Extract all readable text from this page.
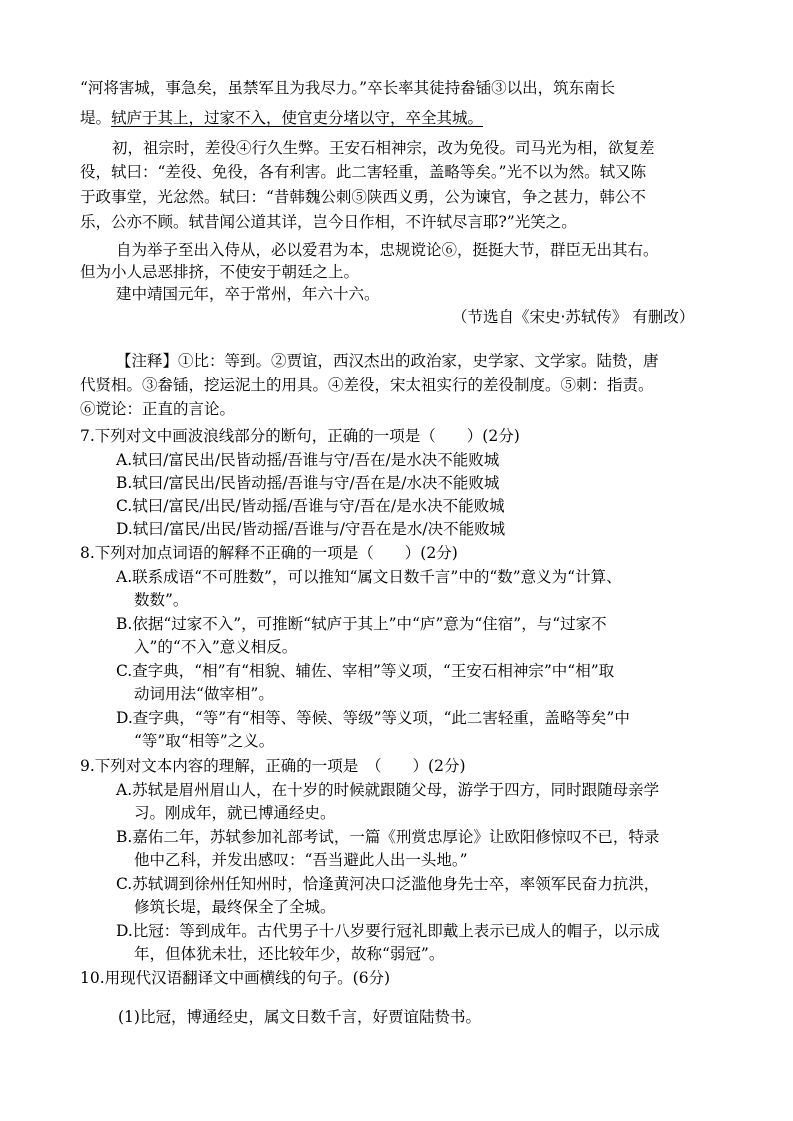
“河将害城，事急矣，虽禁军且为我尽力。”卒长率其徒持畚锸③以出，筑东南长
堤。轼庐于其上，过家不入，使官吏分堵以守，卒全其城。
初，祖宗时，差役④行久生弊。王安石相神宗，改为免役。司马光为相，欲复差
役，轼曰：“差役、免役，各有利害。此二害轻重，盖略等矣。”光不以为然。轼又陈
于政事堂，光忿然。轼曰：“昔韩魏公刺⑤陕西义勇，公为谏官，争之甚力，韩公不
乐，公亦不顾。轼昔闻公道其详，岂今日作相，不许轼尽言耶?”光笑之。
自为举子至出入侍从，必以爱君为本，忠规谠论⑥，挺挺大节，群臣无出其右。
但为小人忌恶排挤，不使安于朝廷之上。
建中靖国元年，卒于常州，年六十六。
（节选自《宋史·苏轼传》 有删改）
【注释】①比：等到。②贾谊，西汉杰出的政治家，史学家、文学家。陆贽，唐
代贤相。③畚锸，挖运泥土的用具。④差役，宋太祖实行的差役制度。⑤刺：指责。
⑥谠论：正直的言论。
7.下列对文中画波浪线部分的断句，正确的一项是（　　）(2分)
A.轼曰/富民出/民皆动摇/吾谁与守/吾在/是水决不能败城
B.轼曰/富民出/民皆动摇/吾谁与守/吾在是/水决不能败城
C.轼曰/富民/出民/皆动摇/吾谁与守/吾在/是水决不能败城
D.轼曰/富民/出民/皆动摇/吾谁与/守吾在是水/决不能败城
8.下列对加点词语的解释不正确的一项是（　　）(2分)
A.联系成语“不可胜数”，可以推知“属文日数千言”中的“数”意义为“计算、
数数”。
B.依据“过家不入”，可推断“轼庐于其上”中“庐”意为“住宿”，与“过家不
入”的“不入”意义相反。
C.查字典，“相”有“相貌、辅佐、宰相”等义项，“王安石相神宗”中“相”取
动词用法“做宰相”。
D.查字典，“等”有“相等、等候、等级”等义项，“此二害轻重，盖略等矣”中
“等”取“相等”之义。
9.下列对文本内容的理解，正确的一项是　（　　）(2分)
A.苏轼是眉州眉山人，在十岁的时候就跟随父母，游学于四方，同时跟随母亲学
习。刚成年，就已博通经史。
B.嘉佑二年，苏轼参加礼部考试，一篇《刑赏忠厚论》让欧阳修惊叹不已，特录
他中乙科，并发出感叹：“吾当避此人出一头地。”
C.苏轼调到徐州任知州时，恰逢黄河决口泛滥他身先士卒，率领军民奋力抗洪，
修筑长堤，最终保全了全城。
D.比冠：等到成年。古代男子十八岁要行冠礼即戴上表示已成人的帽子，以示成
年，但体犹未壮，还比较年少，故称“弱冠”。
10.用现代汉语翻译文中画横线的句子。(6分)
(1)比冠，博通经史，属文日数千言，好贾谊陆贽书。
